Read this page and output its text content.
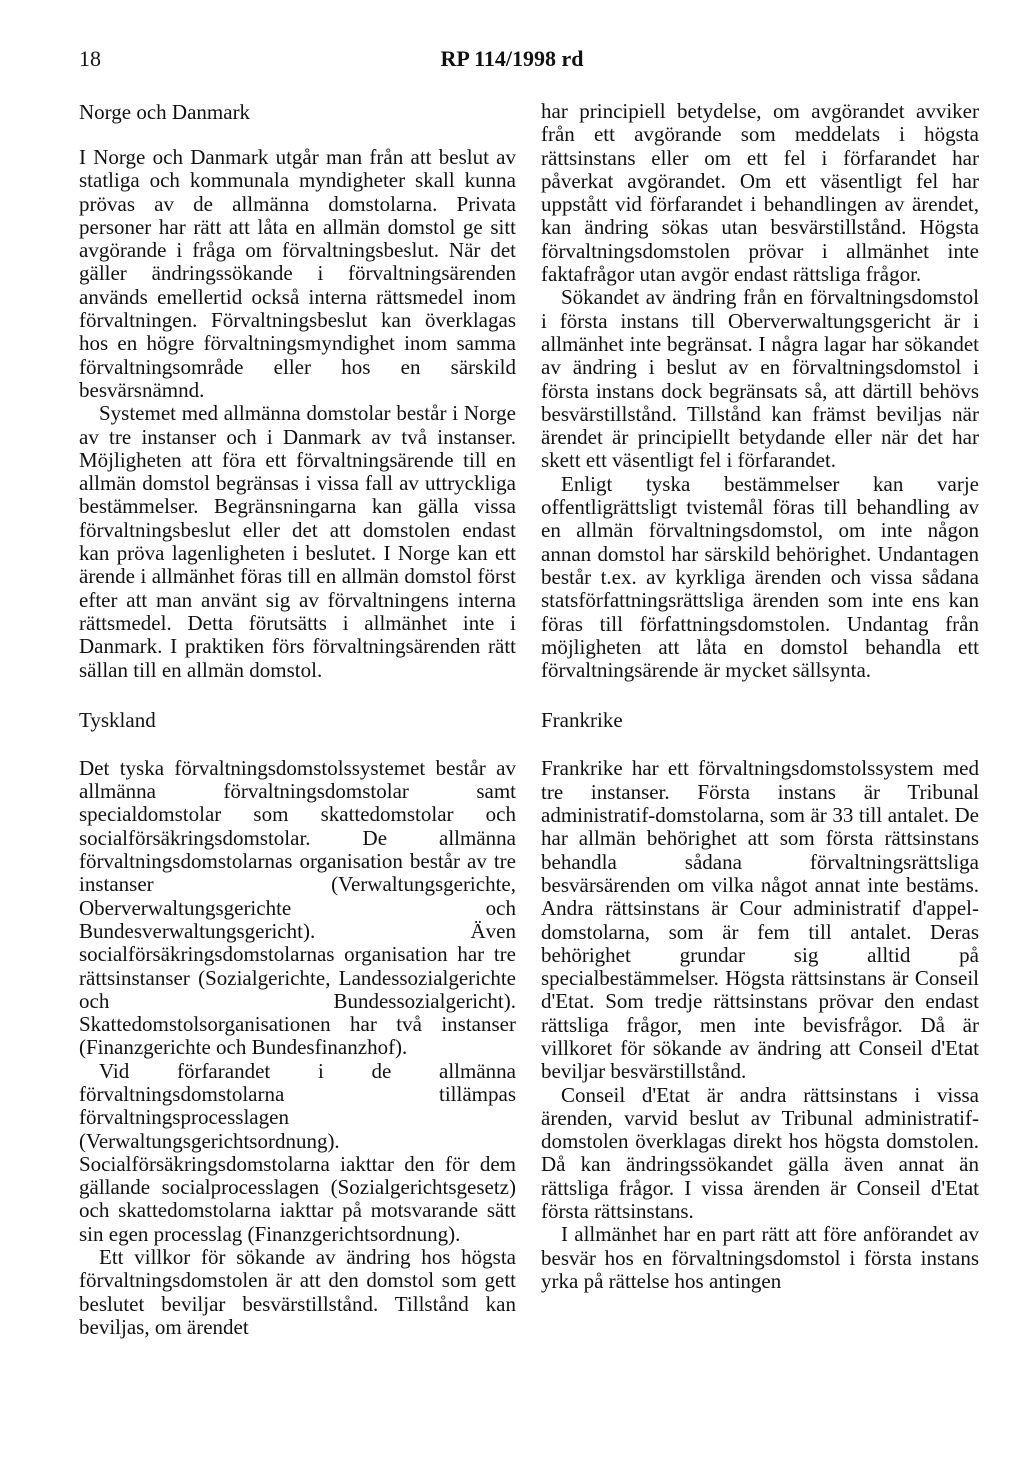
18	RP 114/1998 rd
Norge och Danmark

I Norge och Danmark utgår man från att beslut av statliga och kommunala myndigheter skall kunna prövas av de allmänna domstolarna. Privata personer har rätt att låta en allmän domstol ge sitt avgörande i fråga om förvaltningsbeslut. När det gäller ändringssökande i förvaltningsärenden används emellertid också interna rättsmedel inom förvaltningen. Förvaltningsbeslut kan överklagas hos en högre förvaltningsmyndighet inom samma förvaltningsområde eller hos en särskild besvärsnämnd.

Systemet med allmänna domstolar består i Norge av tre instanser och i Danmark av två instanser. Möjligheten att föra ett förvaltningsärende till en allmän domstol begränsas i vissa fall av uttryckliga bestämmelser. Begränsningarna kan gälla vissa förvaltningsbeslut eller det att domstolen endast kan pröva lagenligheten i beslutet. I Norge kan ett ärende i allmänhet föras till en allmän domstol först efter att man använt sig av förvaltningens interna rättsmedel. Detta förutsätts i allmänhet inte i Danmark. I praktiken förs förvaltningsärenden rätt sällan till en allmän domstol.

Tyskland

Det tyska förvaltningsdomstolssystemet består av allmänna förvaltningsdomstolar samt specialdomstolar som skattedomstolar och socialförsäkringsdomstolar. De allmänna förvaltningsdomstolarnas organisation består av tre instanser (Verwaltungsgerichte, Oberverwaltungsgerichte och Bundesverwaltungsgericht). Även socialförsäkringsdomstolarnas organisation har tre rättsinstanser (Sozialgerichte, Landessozialgerichte och Bundessozialgericht). Skattedomstolsorganisationen har två instanser (Finanzgerichte och Bundesfinanzhof).

Vid förfarandet i de allmänna förvaltningsdomstolarna tillämpas förvaltningsprocesslagen (Verwaltungsgerichtsordnung). Socialförsäkringsdomstolarna iakttar den för dem gällande socialprocesslagen (Sozialgerichtsgesetz) och skattedomstolarna iakttar på motsvarande sätt sin egen processlag (Finanzgerichtsordnung).

Ett villkor för sökande av ändring hos högsta förvaltningsdomstolen är att den domstol som gett beslutet beviljar besvärstillstånd. Tillstånd kan beviljas, om ärendet

har principiell betydelse, om avgörandet avviker från ett avgörande som meddelats i högsta rättsinstans eller om ett fel i förfarandet har påverkat avgörandet. Om ett väsentligt fel har uppstått vid förfarandet i behandlingen av ärendet, kan ändring sökas utan besvärstillstånd. Högsta förvaltningsdomstolen prövar i allmänhet inte faktafrågor utan avgör endast rättsliga frågor.

Sökandet av ändring från en förvaltningsdomstol i första instans till Oberverwaltungsgericht är i allmänhet inte begränsat. I några lagar har sökandet av ändring i beslut av en förvaltningsdomstol i första instans dock begränsats så, att därtill behövs besvärstillstånd. Tillstånd kan främst beviljas när ärendet är principiellt betydande eller när det har skett ett väsentligt fel i förfarandet.

Enligt tyska bestämmelser kan varje offentligrättsligt tvistemål föras till behandling av en allmän förvaltningsdomstol, om inte någon annan domstol har särskild behörighet. Undantagen består t.ex. av kyrkliga ärenden och vissa sådana statsförfattningsrättsliga ärenden som inte ens kan föras till författningsdomstolen. Undantag från möjligheten att låta en domstol behandla ett förvaltningsärende är mycket sällsynta.

Frankrike

Frankrike har ett förvaltningsdomstolssystem med tre instanser. Första instans är Tribunal administratif-domstolarna, som är 33 till antalet. De har allmän behörighet att som första rättsinstans behandla sådana förvaltningsrättsliga besvärsärenden om vilka något annat inte bestäms. Andra rättsinstans är Cour administratif d'appel-domstolarna, som är fem till antalet. Deras behörighet grundar sig alltid på specialbestämmelser. Högsta rättsinstans är Conseil d'Etat. Som tredje rättsinstans prövar den endast rättsliga frågor, men inte bevisfrågor. Då är villkoret för sökande av ändring att Conseil d'Etat beviljar besvärstillstånd.

Conseil d'Etat är andra rättsinstans i vissa ärenden, varvid beslut av Tribunal administratif-domstolen överklagas direkt hos högsta domstolen. Då kan ändringssökandet gälla även annat än rättsliga frågor. I vissa ärenden är Conseil d'Etat första rättsinstans.

I allmänhet har en part rätt att före anförandet av besvär hos en förvaltningsdomstol i första instans yrka på rättelse hos antingen
